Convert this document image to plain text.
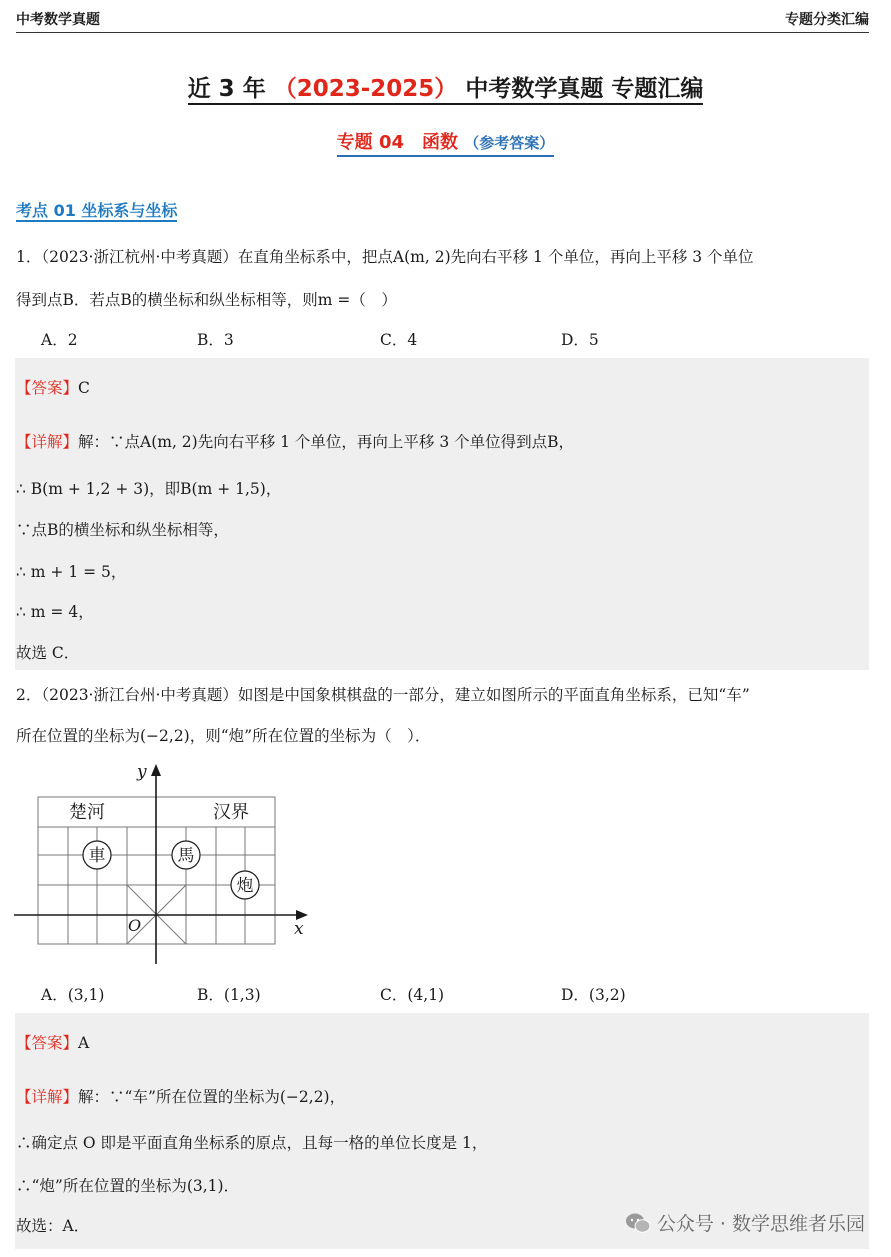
中考数学真题	专题分类汇编
近 3 年 （2023-2025） 中考数学真题 专题汇编
专题 04　函数 （参考答案）
考点 01 坐标系与坐标
1．（2023·浙江杭州·中考真题）在直角坐标系中，把点A(m, 2)先向右平移 1 个单位，再向上平移 3 个单位
得到点B．若点B的横坐标和纵坐标相等，则m =（　）
A．2	B．3	C．4	D．5
【答案】C
【详解】解：∵点A(m, 2)先向右平移 1 个单位，再向上平移 3 个单位得到点B，
∴ B(m + 1,2 + 3)，即B(m + 1,5)，
∵点B的横坐标和纵坐标相等，
∴ m + 1 = 5，
∴ m = 4，
故选 C．
2．（2023·浙江台州·中考真题）如图是中国象棋棋盘的一部分，建立如图所示的平面直角坐标系，已知“车”
所在位置的坐标为(−2,2)，则“炮”所在位置的坐标为（　）．
y
x
O
楚河	汉界
車	馬
炮
A．(3,1)	B．(1,3)	C．(4,1)	D．(3,2)
【答案】A
【详解】解：∵“车”所在位置的坐标为(−2,2)，
∴确定点 O 即是平面直角坐标系的原点，且每一格的单位长度是 1，
∴“炮”所在位置的坐标为(3,1)．
故选：A．	公众号 · 数学思维者乐园
